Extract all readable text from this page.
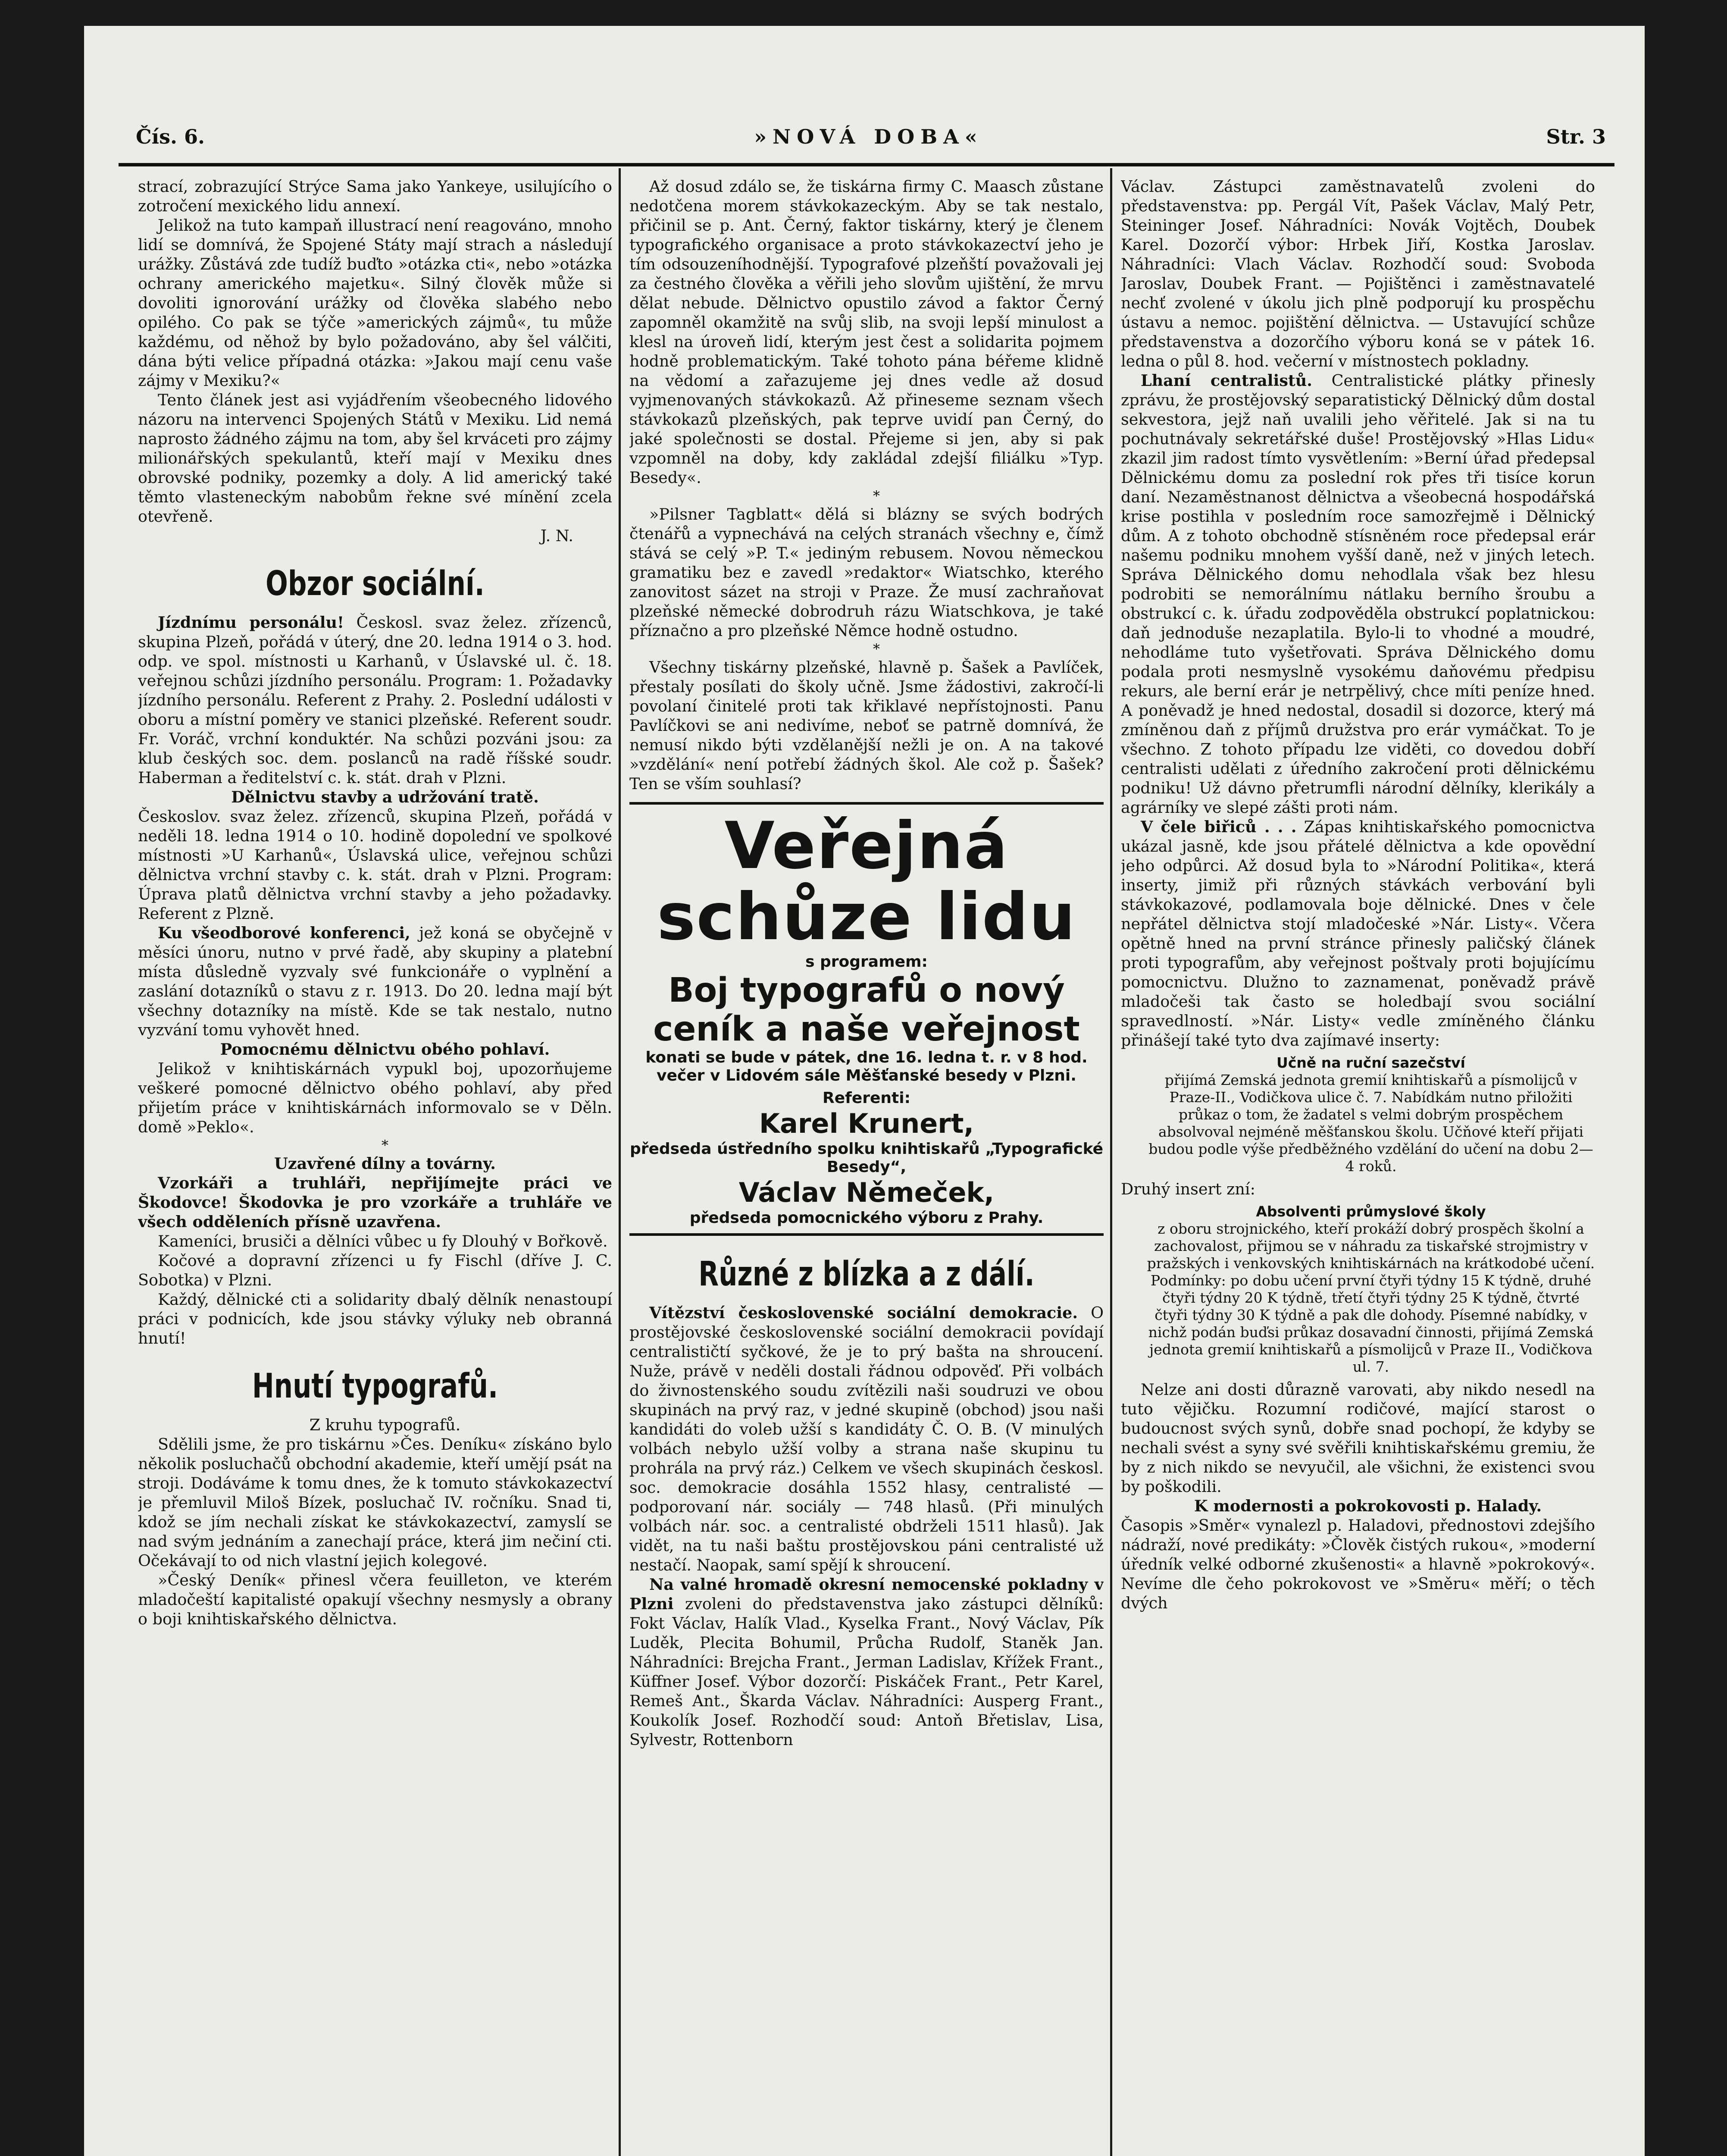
Čís. 6.	»NOVÁ DOBA«	Str. 3

strací, zobrazující Strýce Sama jako Yankeye, usilujícího o zotročení mexického lidu annexí.

Jelikož na tuto kampaň illustrací není reagováno, mnoho lidí se domnívá, že Spojené Státy mají strach a následují urážky. Zůstává zde tudíž buďto »otázka cti«, nebo »otázka ochrany amerického majetku«. Silný člověk může si dovoliti ignorování urážky od člověka slabého nebo opilého. Co pak se týče »amerických zájmů«, tu může každému, od něhož by bylo požadováno, aby šel válčiti, dána býti velice případná otázka: »Jakou mají cenu vaše zájmy v Mexiku?«

Tento článek jest asi vyjádřením všeobecného lidového názoru na intervenci Spojených Států v Mexiku. Lid nemá naprosto žádného zájmu na tom, aby šel krváceti pro zájmy milionářských spekulantů, kteří mají v Mexiku dnes obrovské podniky, pozemky a doly. A lid americký také těmto vlasteneckým nabobům řekne své mínění zcela otevřeně.

J. N.

Obzor sociální.

Jízdnímu personálu! Českosl. svaz želez. zřízenců, skupina Plzeň, pořádá v úterý, dne 20. ledna 1914 o 3. hod. odp. ve spol. místnosti u Karhanů, v Úslavské ul. č. 18. veřejnou schůzi jízdního personálu. Program: 1. Požadavky jízdního personálu. Referent z Prahy. 2. Poslední události v oboru a místní poměry ve stanici plzeňské. Referent soudr. Fr. Voráč, vrchní konduktér. Na schůzi pozváni jsou: za klub českých soc. dem. poslanců na radě říšské soudr. Haberman a ředitelství c. k. stát. drah v Plzni.

Dělnictvu stavby a udržování tratě.

Českoslov. svaz želez. zřízenců, skupina Plzeň, pořádá v neděli 18. ledna 1914 o 10. hodině dopolední ve spolkové místnosti »U Karhanů«, Úslavská ulice, veřejnou schůzi dělnictva vrchní stavby c. k. stát. drah v Plzni. Program: Úprava platů dělnictva vrchní stavby a jeho požadavky. Referent z Plzně.

Ku všeodborové konferenci, jež koná se obyčejně v měsíci únoru, nutno v prvé řadě, aby skupiny a platební místa důsledně vyzvaly své funkcionáře o vyplnění a zaslání dotazníků o stavu z r. 1913. Do 20. ledna mají být všechny dotazníky na místě. Kde se tak nestalo, nutno vyzvání tomu vyhovět hned.

Pomocnému dělnictvu obého pohlaví.

Jelikož v knihtiskárnách vypukl boj, upozorňujeme veškeré pomocné dělnictvo obého pohlaví, aby před přijetím práce v knihtiskárnách informovalo se v Děln. domě »Peklo«.

*

Uzavřené dílny a továrny.

Vzorkáři a truhláři, nepřijímejte práci ve Škodovce! Škodovka je pro vzorkáře a truhláře ve všech odděleních přísně uzavřena.

Kameníci, brusiči a dělníci vůbec u fy Dlouhý v Bořkově.

Kočové a dopravní zřízenci u fy Fischl (dříve J. C. Sobotka) v Plzni.

Každý, dělnické cti a solidarity dbalý dělník nenastoupí práci v podnicích, kde jsou stávky výluky neb obranná hnutí!

Hnutí typografů.

Z kruhu typografů.

Sdělili jsme, že pro tiskárnu »Čes. Deníku« získáno bylo několik posluchačů obchodní akademie, kteří umějí psát na stroji. Dodáváme k tomu dnes, že k tomuto stávkokazectví je přemluvil Miloš Bízek, posluchač IV. ročníku. Snad ti, kdož se jím nechali získat ke stávkokazectví, zamyslí se nad svým jednáním a zanechají práce, která jim nečiní cti. Očekávají to od nich vlastní jejich kolegové.

»Český Deník« přinesl včera feuilleton, ve kterém mladočeští kapitalisté opakují všechny nesmysly a obrany o boji knihtiskařského dělnictva.

Až dosud zdálo se, že tiskárna firmy C. Maasch zůstane nedotčena morem stávkokazeckým. Aby se tak nestalo, přičinil se p. Ant. Černý, faktor tiskárny, který je členem typografického organisace a proto stávkokazectví jeho je tím odsouzeníhodnější. Typografové plzeňští považovali jej za čestného člověka a věřili jeho slovům ujištění, že mrvu dělat nebude. Dělnictvo opustilo závod a faktor Černý zapomněl okamžitě na svůj slib, na svoji lepší minulost a klesl na úroveň lidí, kterým jest čest a solidarita pojmem hodně problematickým. Také tohoto pána béřeme klidně na vědomí a zařazujeme jej dnes vedle až dosud vyjmenovaných stávkokazů. Až přineseme seznam všech stávkokazů plzeňských, pak teprve uvidí pan Černý, do jaké společnosti se dostal. Přejeme si jen, aby si pak vzpomněl na doby, kdy zakládal zdejší filiálku »Typ. Besedy«.

*

»Pilsner Tagblatt« dělá si blázny se svých bodrých čtenářů a vypnechává na celých stranách všechny e, čímž stává se celý »P. T.« jediným rebusem. Novou německou gramatiku bez e zavedl »redaktor« Wiatschko, kterého zanovitost sázet na stroji v Praze. Že musí zachraňovat plzeňské německé dobrodruh rázu Wiatschkova, je také příznačno a pro plzeňské Němce hodně ostudno.

*

Všechny tiskárny plzeňské, hlavně p. Šašek a Pavlíček, přestaly posílati do školy učně. Jsme žádostivi, zakročí-li povolaní činitelé proti tak křiklavé nepřístojnosti. Panu Pavlíčkovi se ani nedivíme, neboť se patrně domnívá, že nemusí nikdo býti vzdělanější nežli je on. A na takové »vzdělání« není potřebí žádných škol. Ale což p. Šašek? Ten se vším souhlasí?

Veřejná
schůze lidu
s programem:
Boj typografů o nový
ceník a naše veřejnost
konati se bude v pátek, dne 16. ledna t. r. v 8 hod. večer v Lidovém sále Měšťanské besedy v Plzni.
Referenti:
Karel Krunert,
předseda ústředního spolku knihtiskařů „Typografické Besedy“,
Václav Němeček,
předseda pomocnického výboru z Prahy.
Různé z blízka a z dálí.

Vítězství československé sociální demokracie. O prostějovské československé sociální demokracii povídají centralističtí syčkové, že je to prý bašta na shroucení. Nuže, právě v neděli dostali řádnou odpověď. Při volbách do živnostenského soudu zvítězili naši soudruzi ve obou skupinách na prvý raz, v jedné skupině (obchod) jsou naši kandidáti do voleb užší s kandidáty Č. O. B. (V minulých volbách nebylo užší volby a strana naše skupinu tu prohrála na prvý ráz.) Celkem ve všech skupinách českosl. soc. demokracie dosáhla 1552 hlasy, centralisté — podporovaní nár. sociály — 748 hlasů. (Při minulých volbách nár. soc. a centralisté obdrželi 1511 hlasů). Jak vidět, na tu naši baštu prostějovskou páni centralisté už nestačí. Naopak, samí spějí k shroucení.

Na valné hromadě okresní nemocenské pokladny v Plzni zvoleni do představenstva jako zástupci dělníků: Fokt Václav, Halík Vlad., Kyselka Frant., Nový Václav, Pík Luděk, Plecita Bohumil, Průcha Rudolf, Staněk Jan. Náhradníci: Brejcha Frant., Jerman Ladislav, Křížek Frant., Küffner Josef. Výbor dozorčí: Piskáček Frant., Petr Karel, Remeš Ant., Škarda Václav. Náhradníci: Ausperg Frant., Koukolík Josef. Rozhodčí soud: Antoň Břetislav, Lisa, Sylvestr, Rottenborn

Václav. Zástupci zaměstnavatelů zvoleni do představenstva: pp. Pergál Vít, Pašek Václav, Malý Petr, Steininger Josef. Náhradníci: Novák Vojtěch, Doubek Karel. Dozorčí výbor: Hrbek Jiří, Kostka Jaroslav. Náhradníci: Vlach Václav. Rozhodčí soud: Svoboda Jaroslav, Doubek Frant. — Pojištěnci i zaměstnavatelé nechť zvolené v úkolu jich plně podporují ku prospěchu ústavu a nemoc. pojištění dělnictva. — Ustavující schůze představenstva a dozorčího výboru koná se v pátek 16. ledna o půl 8. hod. večerní v místnostech pokladny.

Lhaní centralistů. Centralistické plátky přinesly zprávu, že prostějovský separatistický Dělnický dům dostal sekvestora, jejž naň uvalili jeho věřitelé. Jak si na tu pochutnávaly sekretářské duše! Prostějovský »Hlas Lidu« zkazil jim radost tímto vysvětlením: »Berní úřad předepsal Dělnickému domu za poslední rok přes tři tisíce korun daní. Nezaměstnanost dělnictva a všeobecná hospodářská krise postihla v posledním roce samozřejmě i Dělnický dům. A z tohoto obchodně stísněném roce předepsal erár našemu podniku mnohem vyšší daně, než v jiných letech. Správa Dělnického domu nehodlala však bez hlesu podrobiti se nemorálnímu nátlaku berního šroubu a obstrukcí c. k. úřadu zodpověděla obstrukcí poplatnickou: daň jednoduše nezaplatila. Bylo-li to vhodné a moudré, nehodláme tuto vyšetřovati. Správa Dělnického domu podala proti nesmyslně vysokému daňovému předpisu rekurs, ale berní erár je netrpělivý, chce míti peníze hned. A poněvadž je hned nedostal, dosadil si dozorce, který má zmíněnou daň z příjmů družstva pro erár vymáčkat. To je všechno. Z tohoto případu lze viděti, co dovedou dobří centralisti udělati z úředního zakročení proti dělnickému podniku! Už dávno přetrumfli národní dělníky, klerikály a agrárníky ve slepé zášti proti nám.

V čele biřiců . . . Zápas knihtiskařského pomocnictva ukázal jasně, kde jsou přátelé dělnictva a kde opovědní jeho odpůrci. Až dosud byla to »Národní Politika«, která inserty, jimiž při různých stávkách verbování byli stávkokazové, podlamovala boje dělnické. Dnes v čele nepřátel dělnictva stojí mladočeské »Nár. Listy«. Včera opětně hned na první stránce přinesly paličský článek proti typografům, aby veřejnost poštvaly proti bojujícímu pomocnictvu. Dlužno to zaznamenat, poněvadž právě mladočeši tak často se holedbají svou sociální spravedlností. »Nár. Listy« vedle zmíněného článku přinášejí také tyto dva zajímavé inserty:

Učně na ruční sazečství
přijímá Zemská jednota gremií knihtiskařů a písmolijců v Praze-II., Vodičkova ulice č. 7. Nabídkám nutno přiložiti průkaz o tom, že žadatel s velmi dobrým prospěchem absolvoval nejméně měšťanskou školu. Učňové kteří přijati budou podle výše předběžného vzdělání do učení na dobu 2—4 roků.

Druhý insert zní:

Absolventi průmyslové školy
z oboru strojnického, kteří prokáží dobrý prospěch školní a zachovalost, přijmou se v náhradu za tiskařské strojmistry v pražských i venkovských knihtiskárnách na krátkodobé učení. Podmínky: po dobu učení první čtyři týdny 15 K týdně, druhé čtyři týdny 20 K týdně, třetí čtyři týdny 25 K týdně, čtvrté čtyři týdny 30 K týdně a pak dle dohody. Písemné nabídky, v nichž podán buďsi průkaz dosavadní činnosti, přijímá Zemská jednota gremií knihtiskařů a písmolijců v Praze II., Vodičkova ul. 7.

Nelze ani dosti důrazně varovati, aby nikdo nesedl na tuto vějičku. Rozumní rodičové, mající starost o budoucnost svých synů, dobře snad pochopí, že kdyby se nechali svést a syny své svěřili knihtiskařskému gremiu, že by z nich nikdo se nevyučil, ale všichni, že existenci svou by poškodili.

K modernosti a pokrokovosti p. Halady.

Časopis »Směr« vynalezl p. Haladovi, přednostovi zdejšího nádraží, nové predikáty: »Člověk čistých rukou«, »moderní úředník velké odborné zkušenosti« a hlavně »pokrokový«. Nevíme dle čeho pokrokovost ve »Směru« měří; o těch dvých
